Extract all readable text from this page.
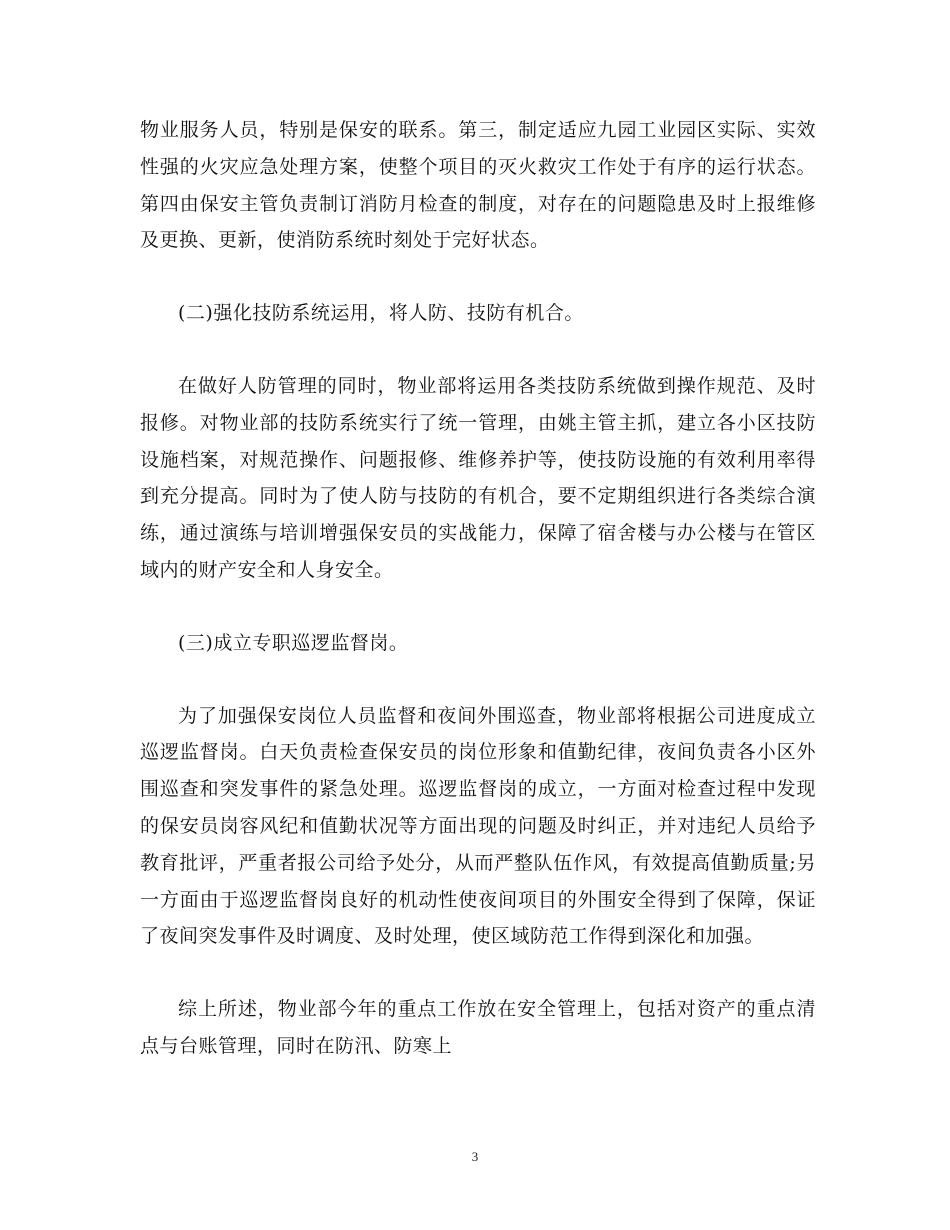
物业服务人员，特别是保安的联系。第三，制定适应九园工业园区实际、实效性强的火灾应急处理方案，使整个项目的灭火救灾工作处于有序的运行状态。第四由保安主管负责制订消防月检查的制度，对存在的问题隐患及时上报维修及更换、更新，使消防系统时刻处于完好状态。

(二)强化技防系统运用，将人防、技防有机合。

在做好人防管理的同时，物业部将运用各类技防系统做到操作规范、及时报修。对物业部的技防系统实行了统一管理，由姚主管主抓，建立各小区技防设施档案，对规范操作、问题报修、维修养护等，使技防设施的有效利用率得到充分提高。同时为了使人防与技防的有机合，要不定期组织进行各类综合演练，通过演练与培训增强保安员的实战能力，保障了宿舍楼与办公楼与在管区域内的财产安全和人身安全。

(三)成立专职巡逻监督岗。

为了加强保安岗位人员监督和夜间外围巡查，物业部将根据公司进度成立巡逻监督岗。白天负责检查保安员的岗位形象和值勤纪律，夜间负责各小区外围巡查和突发事件的紧急处理。巡逻监督岗的成立，一方面对检查过程中发现的保安员岗容风纪和值勤状况等方面出现的问题及时纠正，并对违纪人员给予教育批评，严重者报公司给予处分，从而严整队伍作风，有效提高值勤质量;另一方面由于巡逻监督岗良好的机动性使夜间项目的外围安全得到了保障，保证了夜间突发事件及时调度、及时处理，使区域防范工作得到深化和加强。

综上所述，物业部今年的重点工作放在安全管理上，包括对资产的重点清点与台账管理，同时在防汛、防寒上

3
